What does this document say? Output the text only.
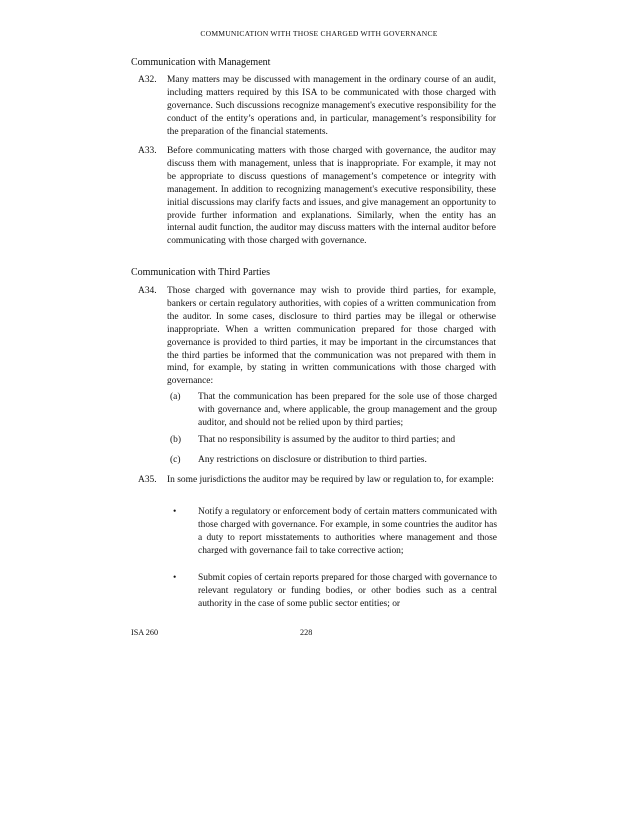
COMMUNICATION WITH THOSE CHARGED WITH GOVERNANCE
Communication with Management
A32. Many matters may be discussed with management in the ordinary course of an audit, including matters required by this ISA to be communicated with those charged with governance. Such discussions recognize management's executive responsibility for the conduct of the entity’s operations and, in particular, management’s responsibility for the preparation of the financial statements.
A33. Before communicating matters with those charged with governance, the auditor may discuss them with management, unless that is inappropriate. For example, it may not be appropriate to discuss questions of management’s competence or integrity with management. In addition to recognizing management's executive responsibility, these initial discussions may clarify facts and issues, and give management an opportunity to provide further information and explanations. Similarly, when the entity has an internal audit function, the auditor may discuss matters with the internal auditor before communicating with those charged with governance.
Communication with Third Parties
A34. Those charged with governance may wish to provide third parties, for example, bankers or certain regulatory authorities, with copies of a written communication from the auditor. In some cases, disclosure to third parties may be illegal or otherwise inappropriate. When a written communication prepared for those charged with governance is provided to third parties, it may be important in the circumstances that the third parties be informed that the communication was not prepared with them in mind, for example, by stating in written communications with those charged with governance:
(a) That the communication has been prepared for the sole use of those charged with governance and, where applicable, the group management and the group auditor, and should not be relied upon by third parties;
(b) That no responsibility is assumed by the auditor to third parties; and
(c) Any restrictions on disclosure or distribution to third parties.
A35. In some jurisdictions the auditor may be required by law or regulation to, for example:
• Notify a regulatory or enforcement body of certain matters communicated with those charged with governance. For example, in some countries the auditor has a duty to report misstatements to authorities where management and those charged with governance fail to take corrective action;
• Submit copies of certain reports prepared for those charged with governance to relevant regulatory or funding bodies, or other bodies such as a central authority in the case of some public sector entities; or
ISA 260	228
